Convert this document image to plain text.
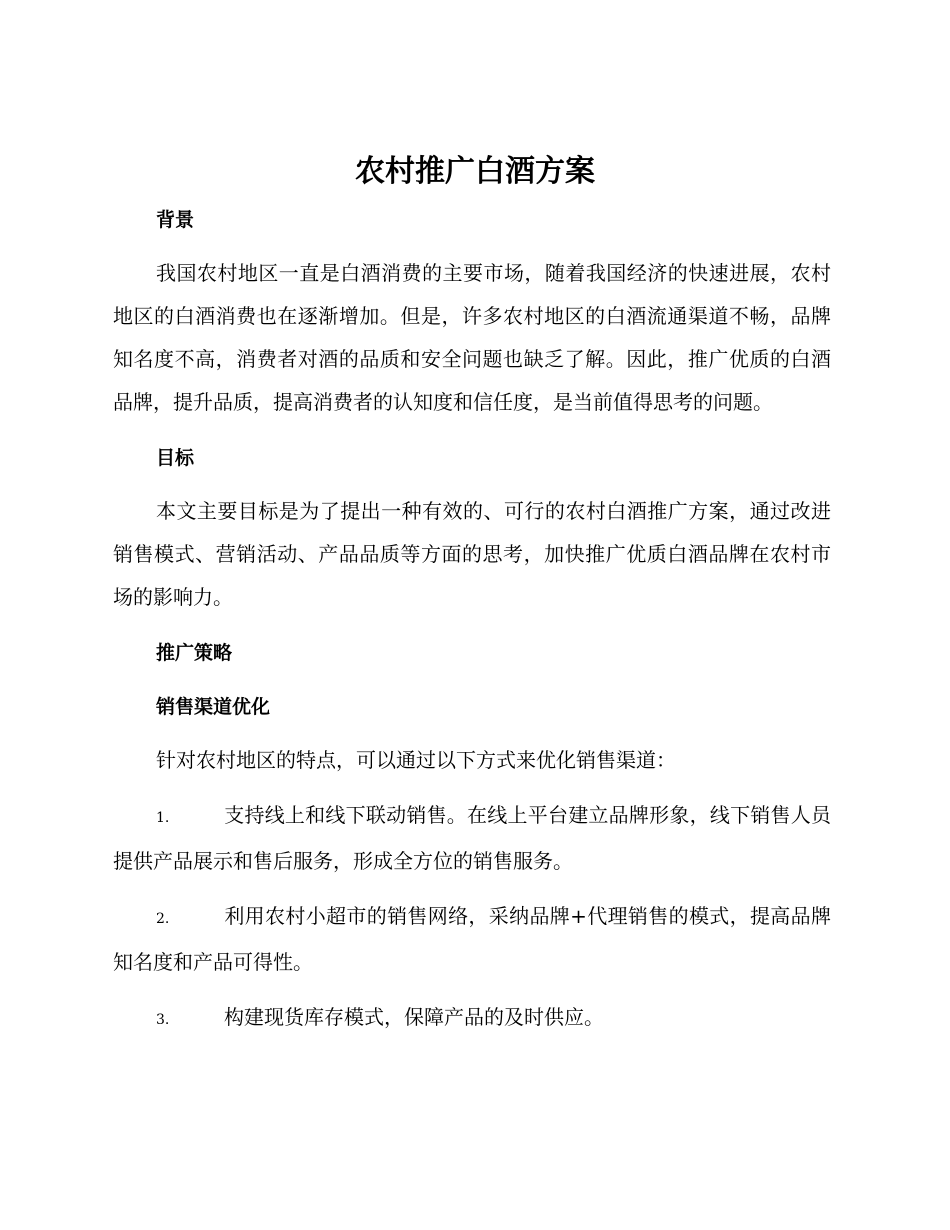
农村推广白酒方案
背景

我国农村地区一直是白酒消费的主要市场，随着我国经济的快速进展，农村地区的白酒消费也在逐渐增加。但是，许多农村地区的白酒流通渠道不畅，品牌知名度不高，消费者对酒的品质和安全问题也缺乏了解。因此，推广优质的白酒品牌，提升品质，提高消费者的认知度和信任度，是当前值得思考的问题。

目标

本文主要目标是为了提出一种有效的、可行的农村白酒推广方案，通过改进销售模式、营销活动、产品品质等方面的思考，加快推广优质白酒品牌在农村市场的影响力。

推广策略
销售渠道优化

针对农村地区的特点，可以通过以下方式来优化销售渠道：

1.	支持线上和线下联动销售。在线上平台建立品牌形象，线下销售人员提供产品展示和售后服务，形成全方位的销售服务。

2.	利用农村小超市的销售网络，采纳品牌+代理销售的模式，提高品牌知名度和产品可得性。

3.	构建现货库存模式，保障产品的及时供应。
